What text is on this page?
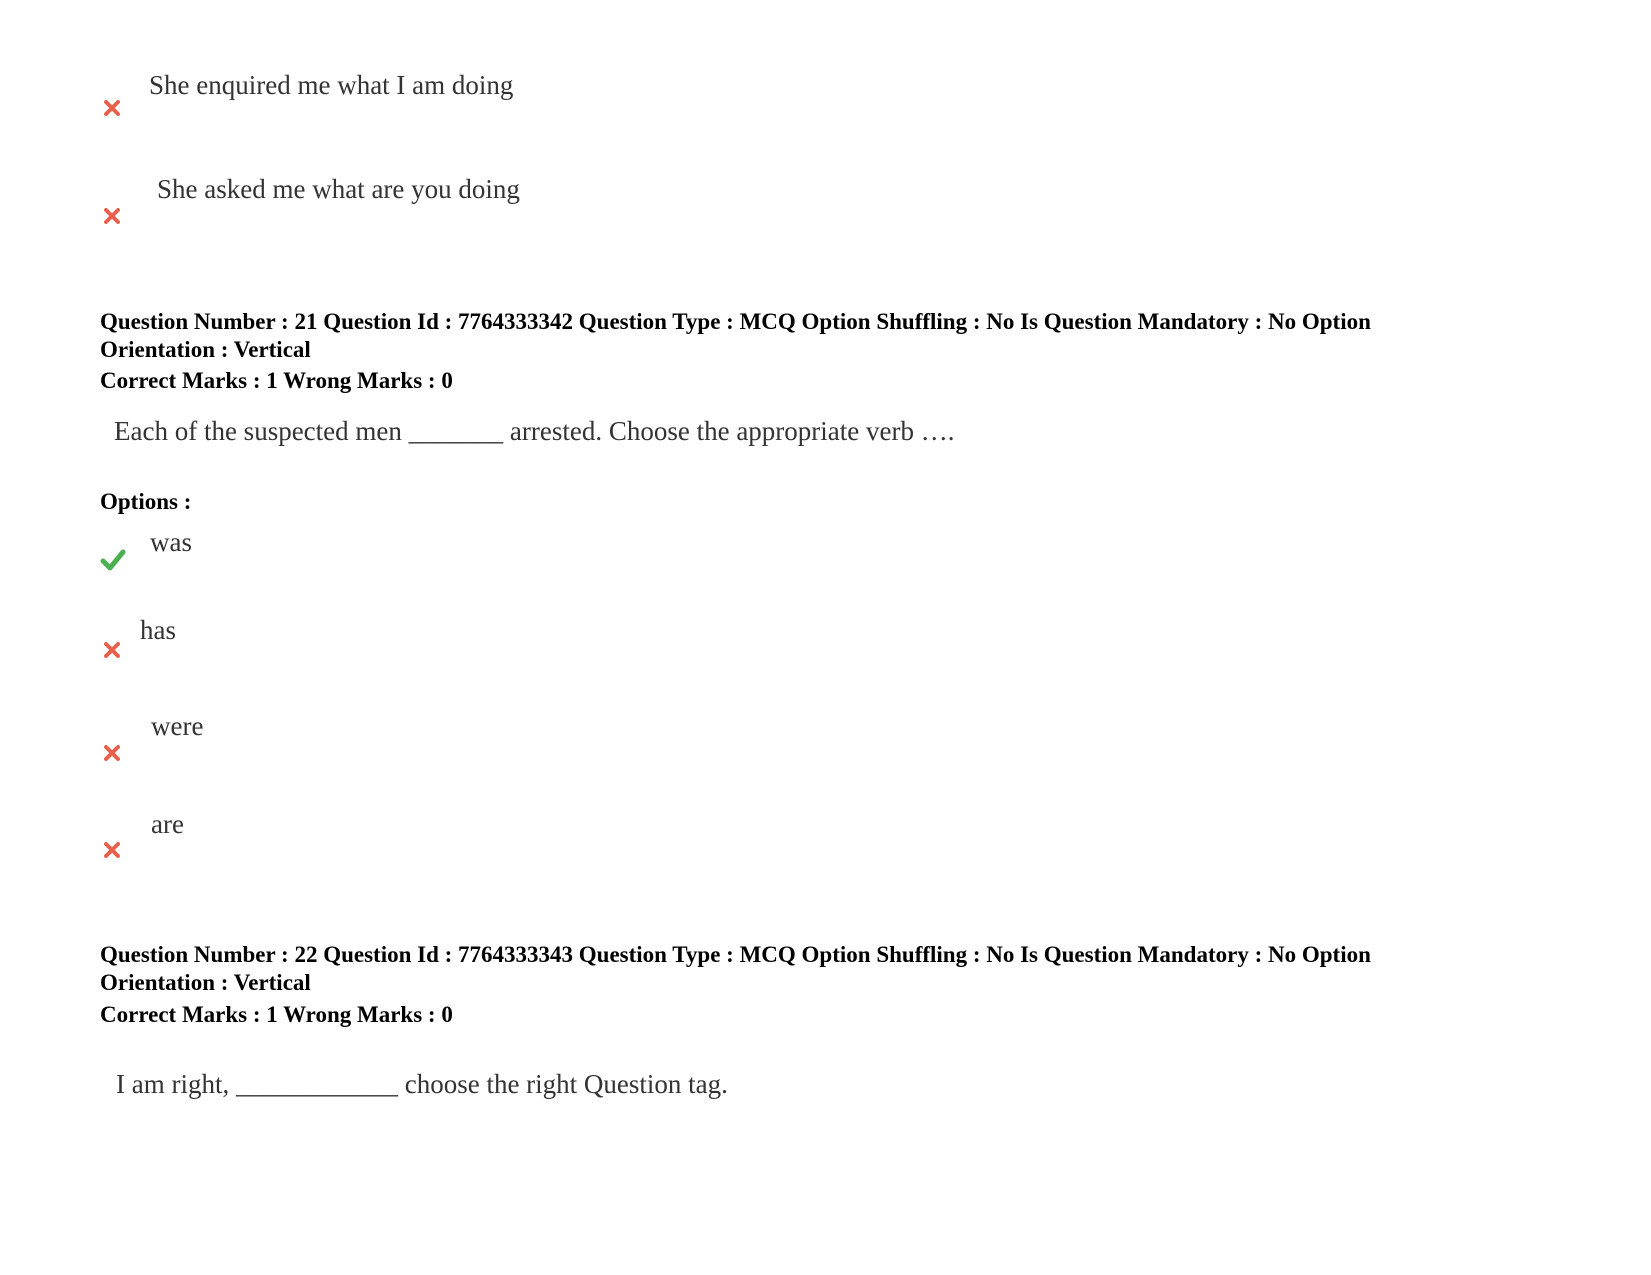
She enquired me what I am doing
She asked me what are you doing
Question Number : 21 Question Id : 7764333342 Question Type : MCQ Option Shuffling : No Is Question Mandatory : No Option
Orientation : Vertical
Correct Marks : 1 Wrong Marks : 0
Each of the suspected men _______ arrested. Choose the appropriate verb ….
Options :
was
has
were
are
Question Number : 22 Question Id : 7764333343 Question Type : MCQ Option Shuffling : No Is Question Mandatory : No Option
Orientation : Vertical
Correct Marks : 1 Wrong Marks : 0
I am right, ____________ choose the right Question tag.
